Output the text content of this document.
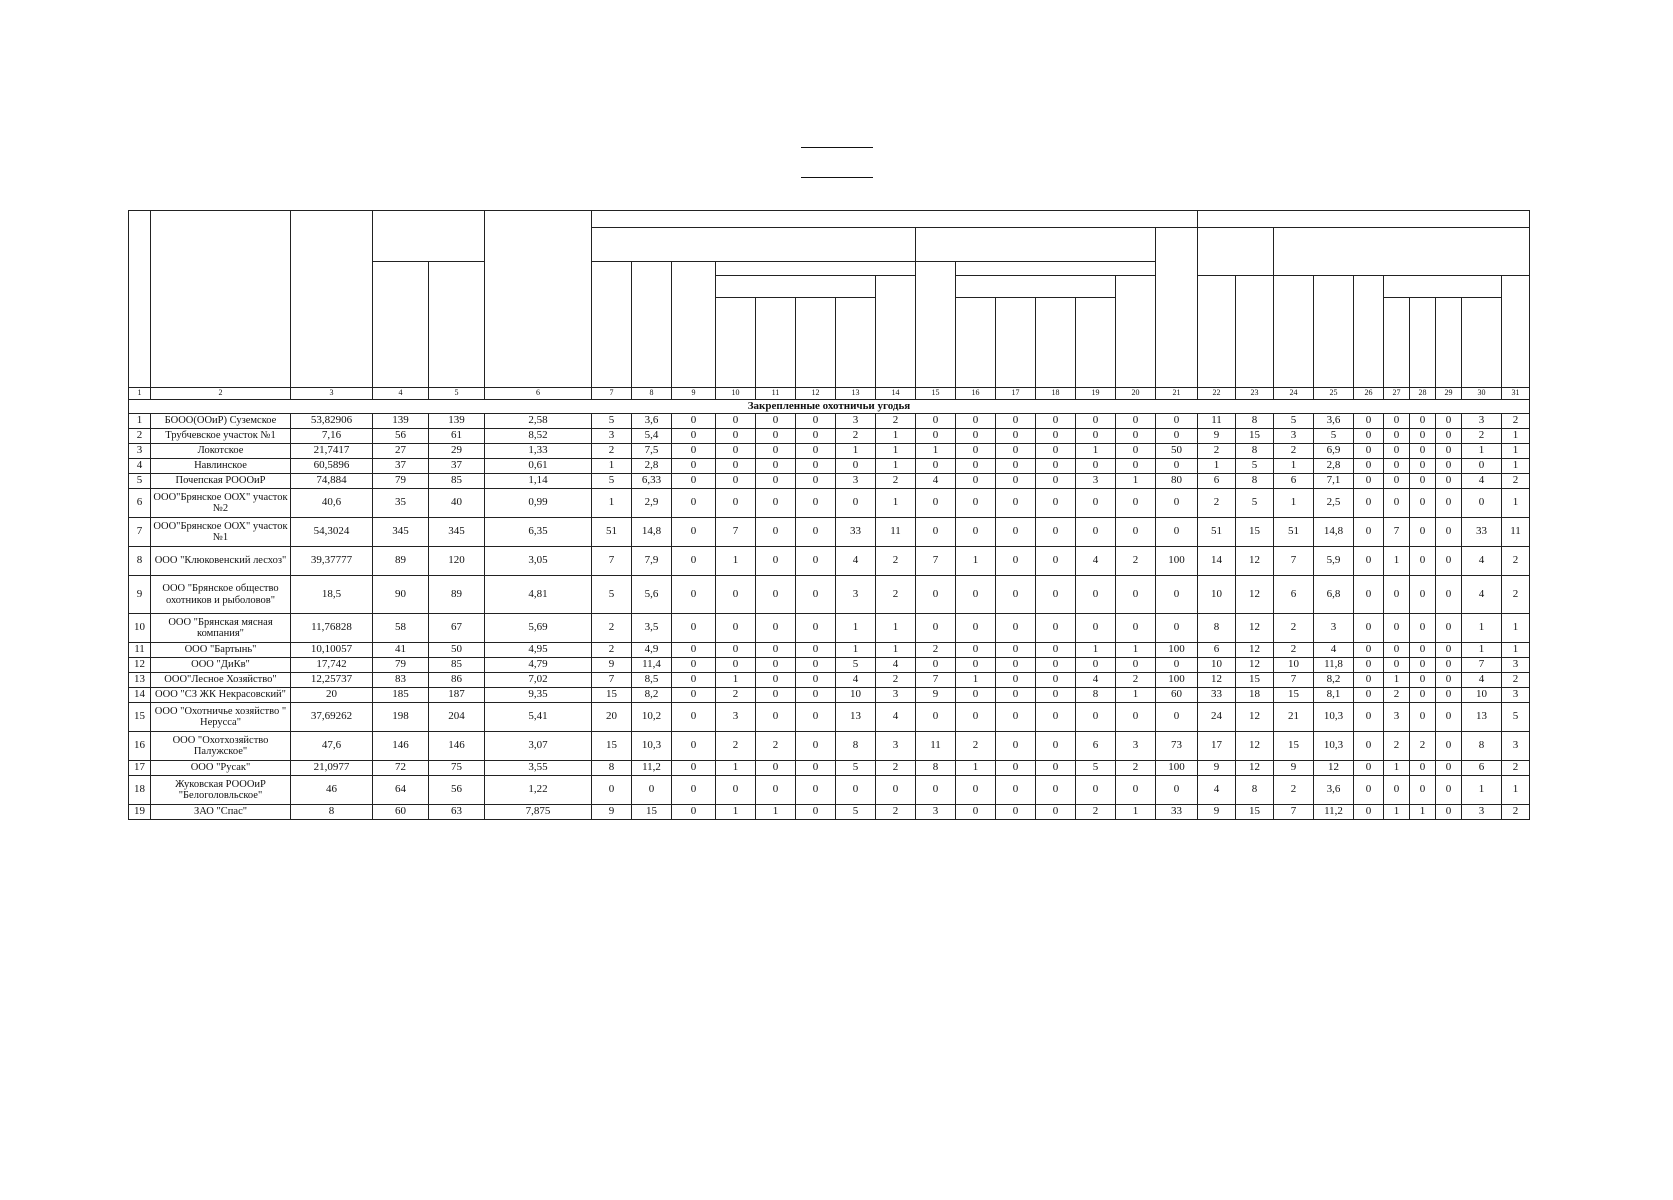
1	2	3	4	5	6	7	8	9	10	11	12	13	14	15	16	17	18	19	20	21	22	23	24	25	26	27	28	29	30	31
Закрепленные охотничьи угодья																														
1	БООО(ООиР) Суземское	53,82906	139	139	2,58	5	3,6	0	0	0	0	3	2	0	0	0	0	0	0	0	11	8	5	3,6	0	0	0	0	3	2
2	Трубчевское участок №1	7,16	56	61	8,52	3	5,4	0	0	0	0	2	1	0	0	0	0	0	0	0	9	15	3	5	0	0	0	0	2	1
3	Локотское	21,7417	27	29	1,33	2	7,5	0	0	0	0	1	1	1	0	0	0	1	0	50	2	8	2	6,9	0	0	0	0	1	1
4	Навлинское	60,5896	37	37	0,61	1	2,8	0	0	0	0	0	1	0	0	0	0	0	0	0	1	5	1	2,8	0	0	0	0	0	1
5	Почепская РОООиР	74,884	79	85	1,14	5	6,33	0	0	0	0	3	2	4	0	0	0	3	1	80	6	8	6	7,1	0	0	0	0	4	2
6	ООО"Брянское ООХ" участок №2	40,6	35	40	0,99	1	2,9	0	0	0	0	0	1	0	0	0	0	0	0	0	2	5	1	2,5	0	0	0	0	0	1
7	ООО"Брянское ООХ" участок №1	54,3024	345	345	6,35	51	14,8	0	7	0	0	33	11	0	0	0	0	0	0	0	51	15	51	14,8	0	7	0	0	33	11
8	ООО "Клюковенский лесхоз"	39,37777	89	120	3,05	7	7,9	0	1	0	0	4	2	7	1	0	0	4	2	100	14	12	7	5,9	0	1	0	0	4	2
9	ООО "Брянское общество охотников и рыболовов"	18,5	90	89	4,81	5	5,6	0	0	0	0	3	2	0	0	0	0	0	0	0	10	12	6	6,8	0	0	0	0	4	2
10	ООО "Брянская мясная компания"	11,76828	58	67	5,69	2	3,5	0	0	0	0	1	1	0	0	0	0	0	0	0	8	12	2	3	0	0	0	0	1	1
11	ООО "Бартынь"	10,10057	41	50	4,95	2	4,9	0	0	0	0	1	1	2	0	0	0	1	1	100	6	12	2	4	0	0	0	0	1	1
12	ООО "ДиКв"	17,742	79	85	4,79	9	11,4	0	0	0	0	5	4	0	0	0	0	0	0	0	10	12	10	11,8	0	0	0	0	7	3
13	ООО"Лесное Хозяйство"	12,25737	83	86	7,02	7	8,5	0	1	0	0	4	2	7	1	0	0	4	2	100	12	15	7	8,2	0	1	0	0	4	2
14	ООО "СЗ ЖК Некрасовский"	20	185	187	9,35	15	8,2	0	2	0	0	10	3	9	0	0	0	8	1	60	33	18	15	8,1	0	2	0	0	10	3
15	ООО "Охотничье хозяйство " Нерусса"	37,69262	198	204	5,41	20	10,2	0	3	0	0	13	4	0	0	0	0	0	0	0	24	12	21	10,3	0	3	0	0	13	5
16	ООО "Охотхозяйство Палужское"	47,6	146	146	3,07	15	10,3	0	2	2	0	8	3	11	2	0	0	6	3	73	17	12	15	10,3	0	2	2	0	8	3
17	ООО "Русак"	21,0977	72	75	3,55	8	11,2	0	1	0	0	5	2	8	1	0	0	5	2	100	9	12	9	12	0	1	0	0	6	2
18	Жуковская РОООиР "Белоголовльское"	46	64	56	1,22	0	0	0	0	0	0	0	0	0	0	0	0	0	0	0	4	8	2	3,6	0	0	0	0	1	1
19	ЗАО "Спас"	8	60	63	7,875	9	15	0	1	1	0	5	2	3	0	0	0	2	1	33	9	15	7	11,2	0	1	1	0	3	2
